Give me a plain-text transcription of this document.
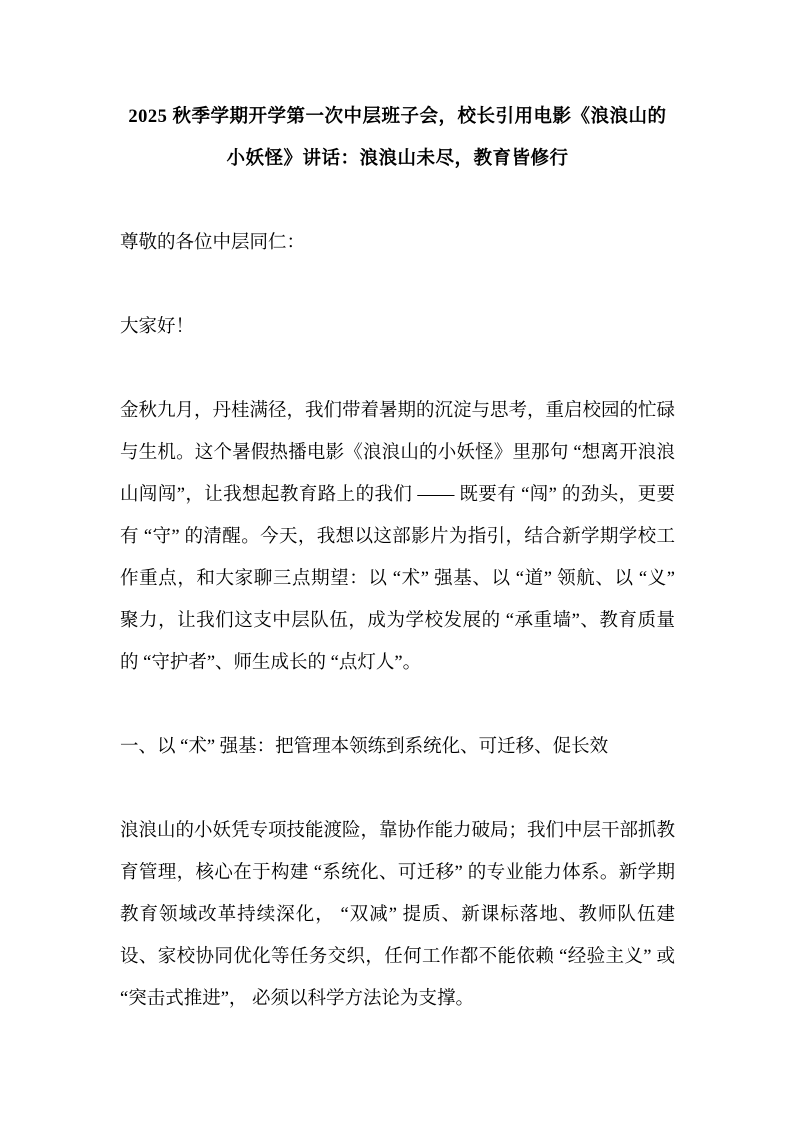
2025 秋季学期开学第一次中层班子会，校长引用电影《浪浪山的小妖怪》讲话：浪浪山未尽，教育皆修行

尊敬的各位中层同仁：

大家好！

金秋九月，丹桂满径，我们带着暑期的沉淀与思考，重启校园的忙碌与生机。这个暑假热播电影《浪浪山的小妖怪》里那句 “想离开浪浪山闯闯”，让我想起教育路上的我们 —— 既要有 “闯” 的劲头，更要有 “守” 的清醒。今天，我想以这部影片为指引，结合新学期学校工作重点，和大家聊三点期望：以 “术” 强基、以 “道” 领航、以 “义” 聚力，让我们这支中层队伍，成为学校发展的 “承重墙”、教育质量的 “守护者”、师生成长的 “点灯人”。

一、以 “术” 强基：把管理本领练到系统化、可迁移、促长效

浪浪山的小妖凭专项技能渡险，靠协作能力破局；我们中层干部抓教育管理，核心在于构建 “系统化、可迁移” 的专业能力体系。新学期教育领域改革持续深化， “双减” 提质、新课标落地、教师队伍建设、家校协同优化等任务交织，任何工作都不能依赖 “经验主义” 或 “突击式推进”， 必须以科学方法论为支撑。
